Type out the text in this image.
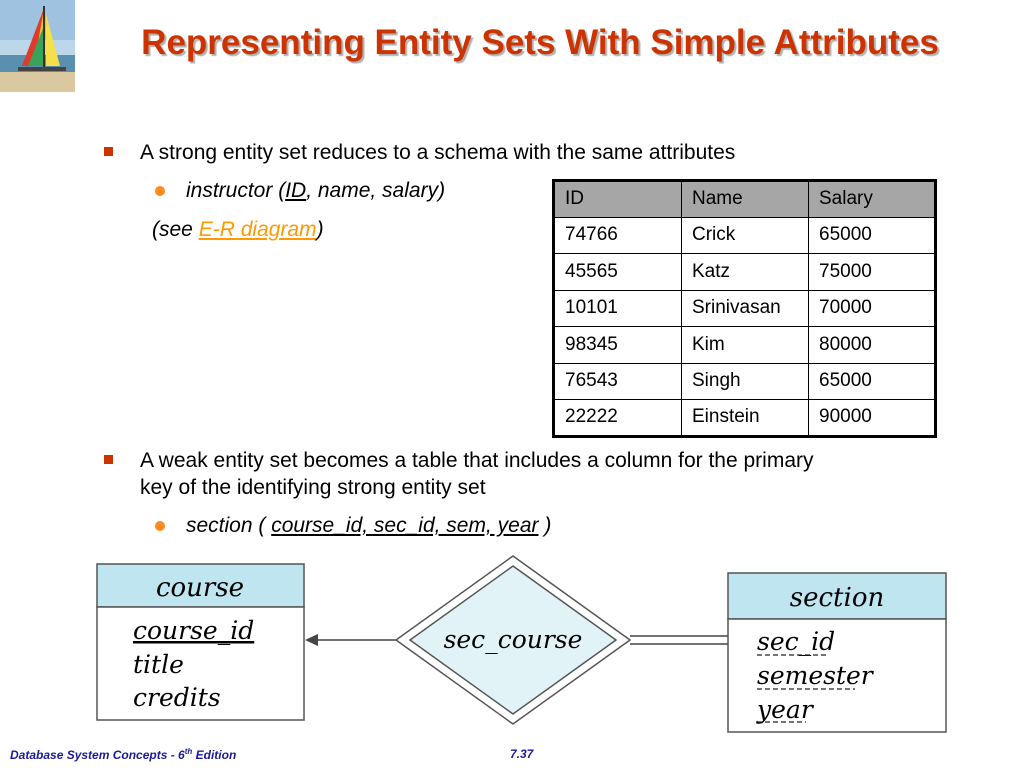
Representing Entity Sets With Simple Attributes
A strong entity set reduces to a schema with the same attributes
instructor (ID, name, salary)
(see E-R diagram)
ID	Name	Salary
74766	Crick	65000
45565	Katz	75000
10101	Srinivasan	70000
98345	Kim	80000
76543	Singh	65000
22222	Einstein	90000
A weak entity set becomes a table that includes a column for the primary
key of the identifying strong entity set
section ( course_id, sec_id, sem, year )
course
course_id
title
credits
sec_course
section
sec_id
semester
year
Database System Concepts - 6th Edition	7.37
